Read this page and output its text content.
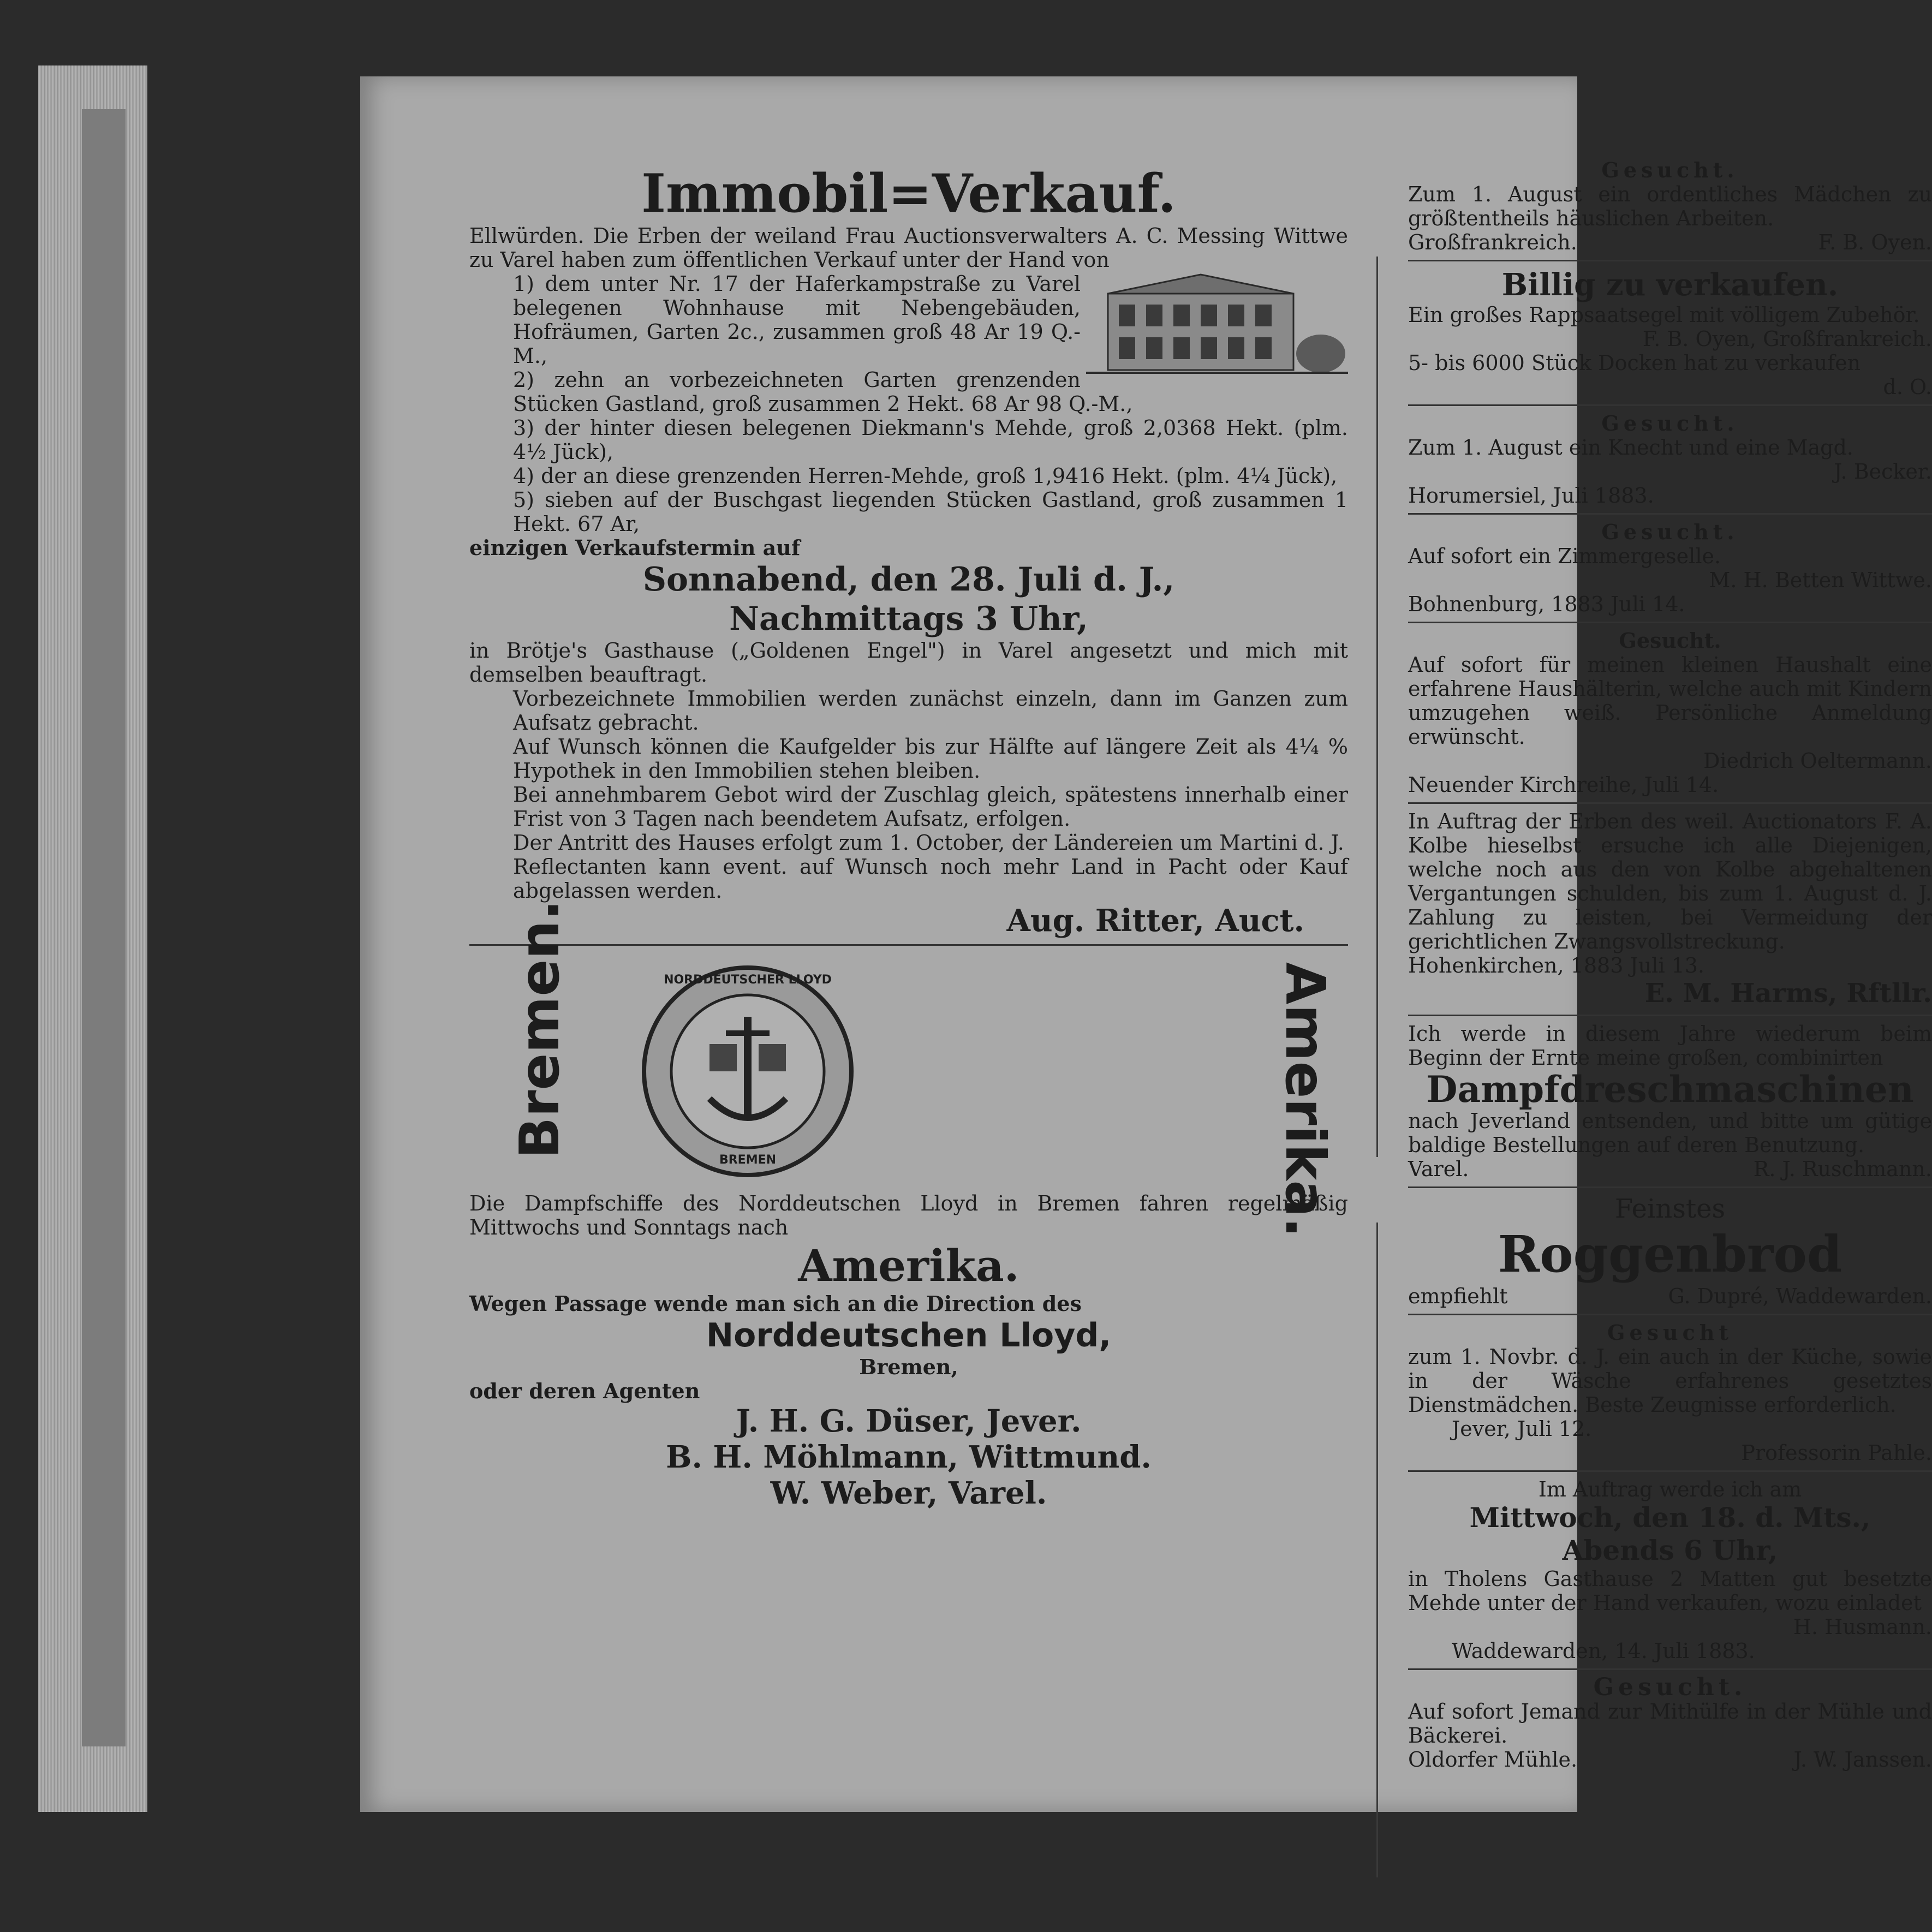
Immobil=Verkauf.

Ellwürden. Die Erben der weiland Frau Auctionsverwalters A. C. Messing Wittwe zu Varel haben zum öffentlichen Verkauf unter der Hand von

1) dem unter Nr. 17 der Haferkampstraße zu Varel belegenen Wohnhause mit Nebengebäuden, Hofräumen, Garten 2c., zusammen groß 48 Ar 19 Q.-M.,

2) zehn an vorbezeichneten Garten grenzenden Stücken Gastland, groß zusammen 2 Hekt. 68 Ar 98 Q.-M.,

3) der hinter diesen belegenen Diekmann's Mehde, groß 2,0368 Hekt. (plm. 4½ Jück),

4) der an diese grenzenden Herren-Mehde, groß 1,9416 Hekt. (plm. 4¼ Jück),

5) sieben auf der Buschgast liegenden Stücken Gastland, groß zusammen 1 Hekt. 67 Ar,

einzigen Verkaufstermin auf

Sonnabend, den 28. Juli d. J.,
Nachmittags 3 Uhr,

in Brötje's Gasthause („Goldenen Engel") in Varel angesetzt und mich mit demselben beauftragt.

Vorbezeichnete Immobilien werden zunächst einzeln, dann im Ganzen zum Aufsatz gebracht.

Auf Wunsch können die Kaufgelder bis zur Hälfte auf längere Zeit als 4¼ % Hypothek in den Immobilien stehen bleiben.

Bei annehmbarem Gebot wird der Zuschlag gleich, spätestens innerhalb einer Frist von 3 Tagen nach beendetem Aufsatz, erfolgen.

Der Antritt des Hauses erfolgt zum 1. October, der Ländereien um Martini d. J.

Reflectanten kann event. auf Wunsch noch mehr Land in Pacht oder Kauf abgelassen werden.

Aug. Ritter, Auct.
Bremen.	Amerika.
NORDDEUTSCHER LLOYD
BREMEN

Die Dampfschiffe des Norddeutschen Lloyd in Bremen fahren regelmäßig Mittwochs und Sonntags nach

Amerika.

Wegen Passage wende man sich an die Direction des

Norddeutschen Lloyd,

Bremen,

oder deren Agenten

J. H. G. Düser, Jever.
B. H. Möhlmann, Wittmund.
W. Weber, Varel.
Gesucht.

Zum 1. August ein ordentliches Mädchen zu größtentheils häuslichen Arbeiten.

Großfrankreich.	F. B. Oyen.
Billig zu verkaufen.

Ein großes Rappsaatsegel mit völligem Zubehör.

F. B. Oyen, Großfrankreich.

5- bis 6000 Stück Docken hat zu verkaufen

d. O.

Gesucht.

Zum 1. August ein Knecht und eine Magd.

J. Becker.

Horumersiel, Juli 1883.

Gesucht.

Auf sofort ein Zimmergeselle.

M. H. Betten Wittwe.

Bohnenburg, 1883 Juli 14.

Gesucht.

Auf sofort für meinen kleinen Haushalt eine erfahrene Haushälterin, welche auch mit Kindern umzugehen weiß. Persönliche Anmeldung erwünscht.

Diedrich Oeltermann.

Neuender Kirchreihe, Juli 14.

In Auftrag der Erben des weil. Auctionators F. A. Kolbe hieselbst ersuche ich alle Diejenigen, welche noch aus den von Kolbe abgehaltenen Vergantungen schulden, bis zum 1. August d. J. Zahlung zu leisten, bei Vermeidung der gerichtlichen Zwangsvollstreckung.

Hohenkirchen, 1883 Juli 13.

E. M. Harms, Rftllr.

Ich werde in diesem Jahre wiederum beim Beginn der Ernte meine großen, combinirten

Dampfdreschmaschinen

nach Jeverland entsenden, und bitte um gütige baldige Bestellungen auf deren Benutzung.

Varel.	R. J. Ruschmann.
Feinstes
Roggenbrod
empfiehlt	G. Dupré, Waddewarden.
Gesucht

zum 1. Novbr. d. J. ein auch in der Küche, sowie in der Wäsche erfahrenes gesetztes Dienstmädchen. Beste Zeugnisse erforderlich.

Jever, Juli 12.

Professorin Pahle.

Im Auftrag werde ich am

Mittwoch, den 18. d. Mts.,
Abends 6 Uhr,

in Tholens Gasthause 2 Matten gut besetzte Mehde unter der Hand verkaufen, wozu einladet

H. Husmann.

Waddewarden, 14. Juli 1883.

Gesucht.

Auf sofort Jemand zur Mithülfe in der Mühle und Bäckerei.

Oldorfer Mühle.	J. W. Janssen.
